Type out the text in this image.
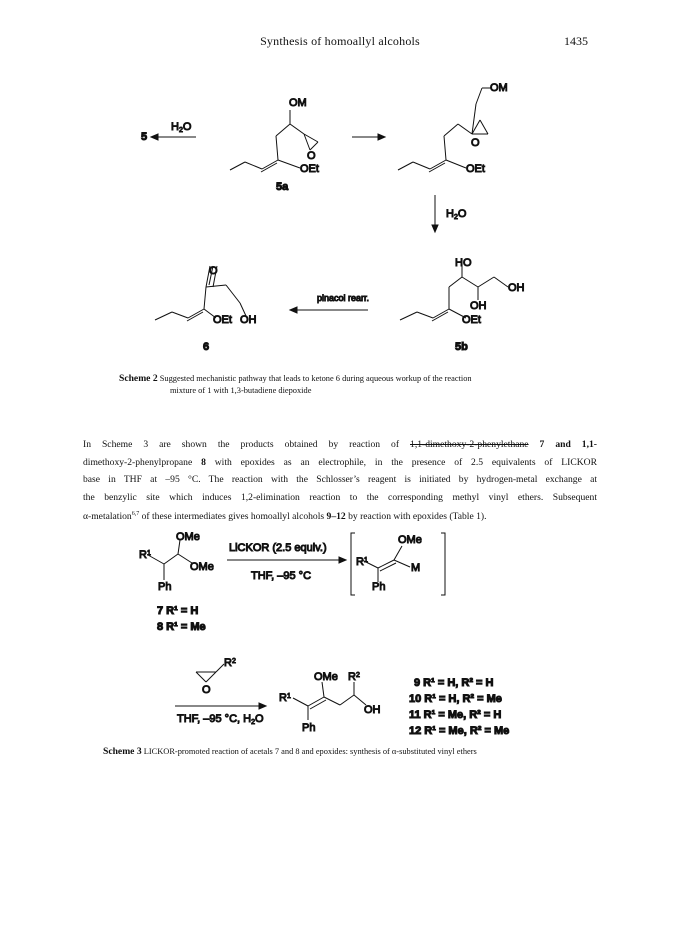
Synthesis of homoallyl alcohols	1435
5
H2O
OM
OEt
O
5a
OM
O
OEt
H2O
O
OEt OH
6
pinacol rearr.
HO
OH
OH
OEt
5b
OMe
$R^1$
OMe
Ph
LiCKOR (2.5 equiv.)
THF, –95 °C
OMe
$R^1$
M
Ph
7 R¹ = H
8 R¹ = Me
O
$R^2$
THF, –95 °C, H2O
OMe $R^2$
$R^1$
OH
Ph
9 R¹ = H, R² = H
10 R¹ = H, R² = Me
11 R¹ = Me, R² = H
12 R¹ = Me, R² = Me
Scheme 2 Suggested mechanistic pathway that leads to ketone 6 during aqueous workup of the reaction
mixture of 1 with 1,3-butadiene diepoxide
In Scheme 3 are shown the products obtained by reaction of 1,1-dimethoxy-2-phenylethane 7 and 1,1-
dimethoxy-2-phenylpropane 8 with epoxides as an electrophile, in the presence of 2.5 equivalents of LICKOR
base in THF at –95 °C. The reaction with the Schlosser’s reagent is initiated by hydrogen-metal exchange at
the benzylic site which induces 1,2-elimination reaction to the corresponding methyl vinyl ethers. Subsequent
α-metalation$^{6,7}$ of these intermediates gives homoallyl alcohols 9–12 by reaction with epoxides (Table 1).
Scheme 3 LICKOR-promoted reaction of acetals 7 and 8 and epoxides: synthesis of α-substituted vinyl ethers
